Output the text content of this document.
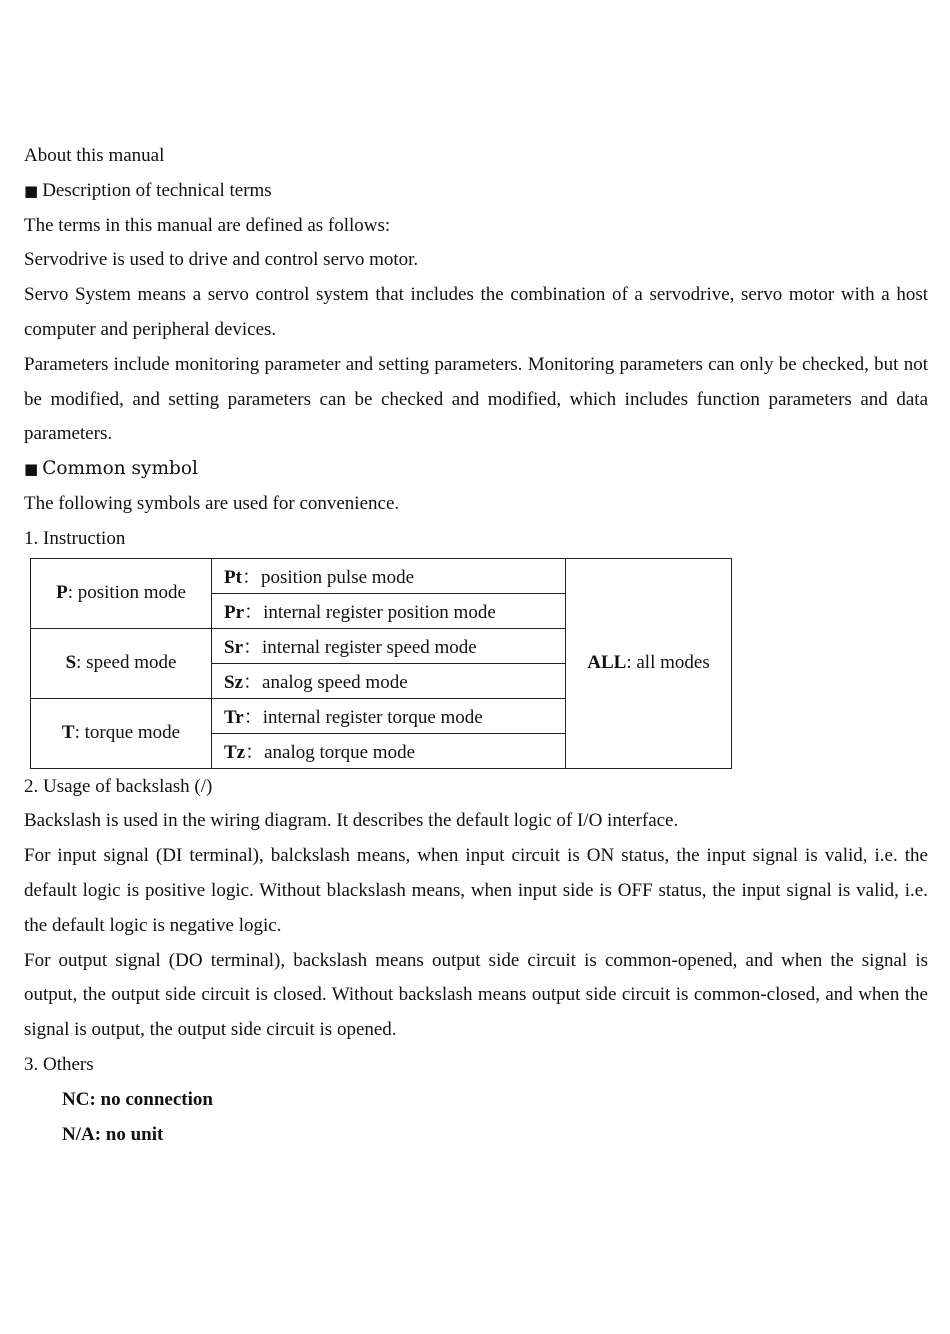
About this manual
■ Description of technical terms
The terms in this manual are defined as follows:
Servodrive is used to drive and control servo motor.
Servo System means a servo control system that includes the combination of a servodrive, servo motor with a host computer and peripheral devices.
Parameters include monitoring parameter and setting parameters. Monitoring parameters can only be checked, but not be modified, and setting parameters can be checked and modified, which includes function parameters and data parameters.
■ Common symbol
The following symbols are used for convenience.
1. Instruction
P: position mode	Pt：position pulse mode	ALL: all modes
	Pr：internal register position mode	
S: speed mode	Sr：internal register speed mode	
	Sz：analog speed mode	
T: torque mode	Tr：internal register torque mode	
	Tz：analog torque mode	
2. Usage of backslash (/)
Backslash is used in the wiring diagram. It describes the default logic of I/O interface.
For input signal (DI terminal), balckslash means, when input circuit is ON status, the input signal is valid, i.e. the default logic is positive logic. Without blackslash means, when input side is OFF status, the input signal is valid, i.e. the default logic is negative logic.
For output signal (DO terminal), backslash means output side circuit is common-opened, and when the signal is output, the output side circuit is closed. Without backslash means output side circuit is common-closed, and when the signal is output, the output side circuit is opened.
3. Others
NC: no connection
N/A: no unit
